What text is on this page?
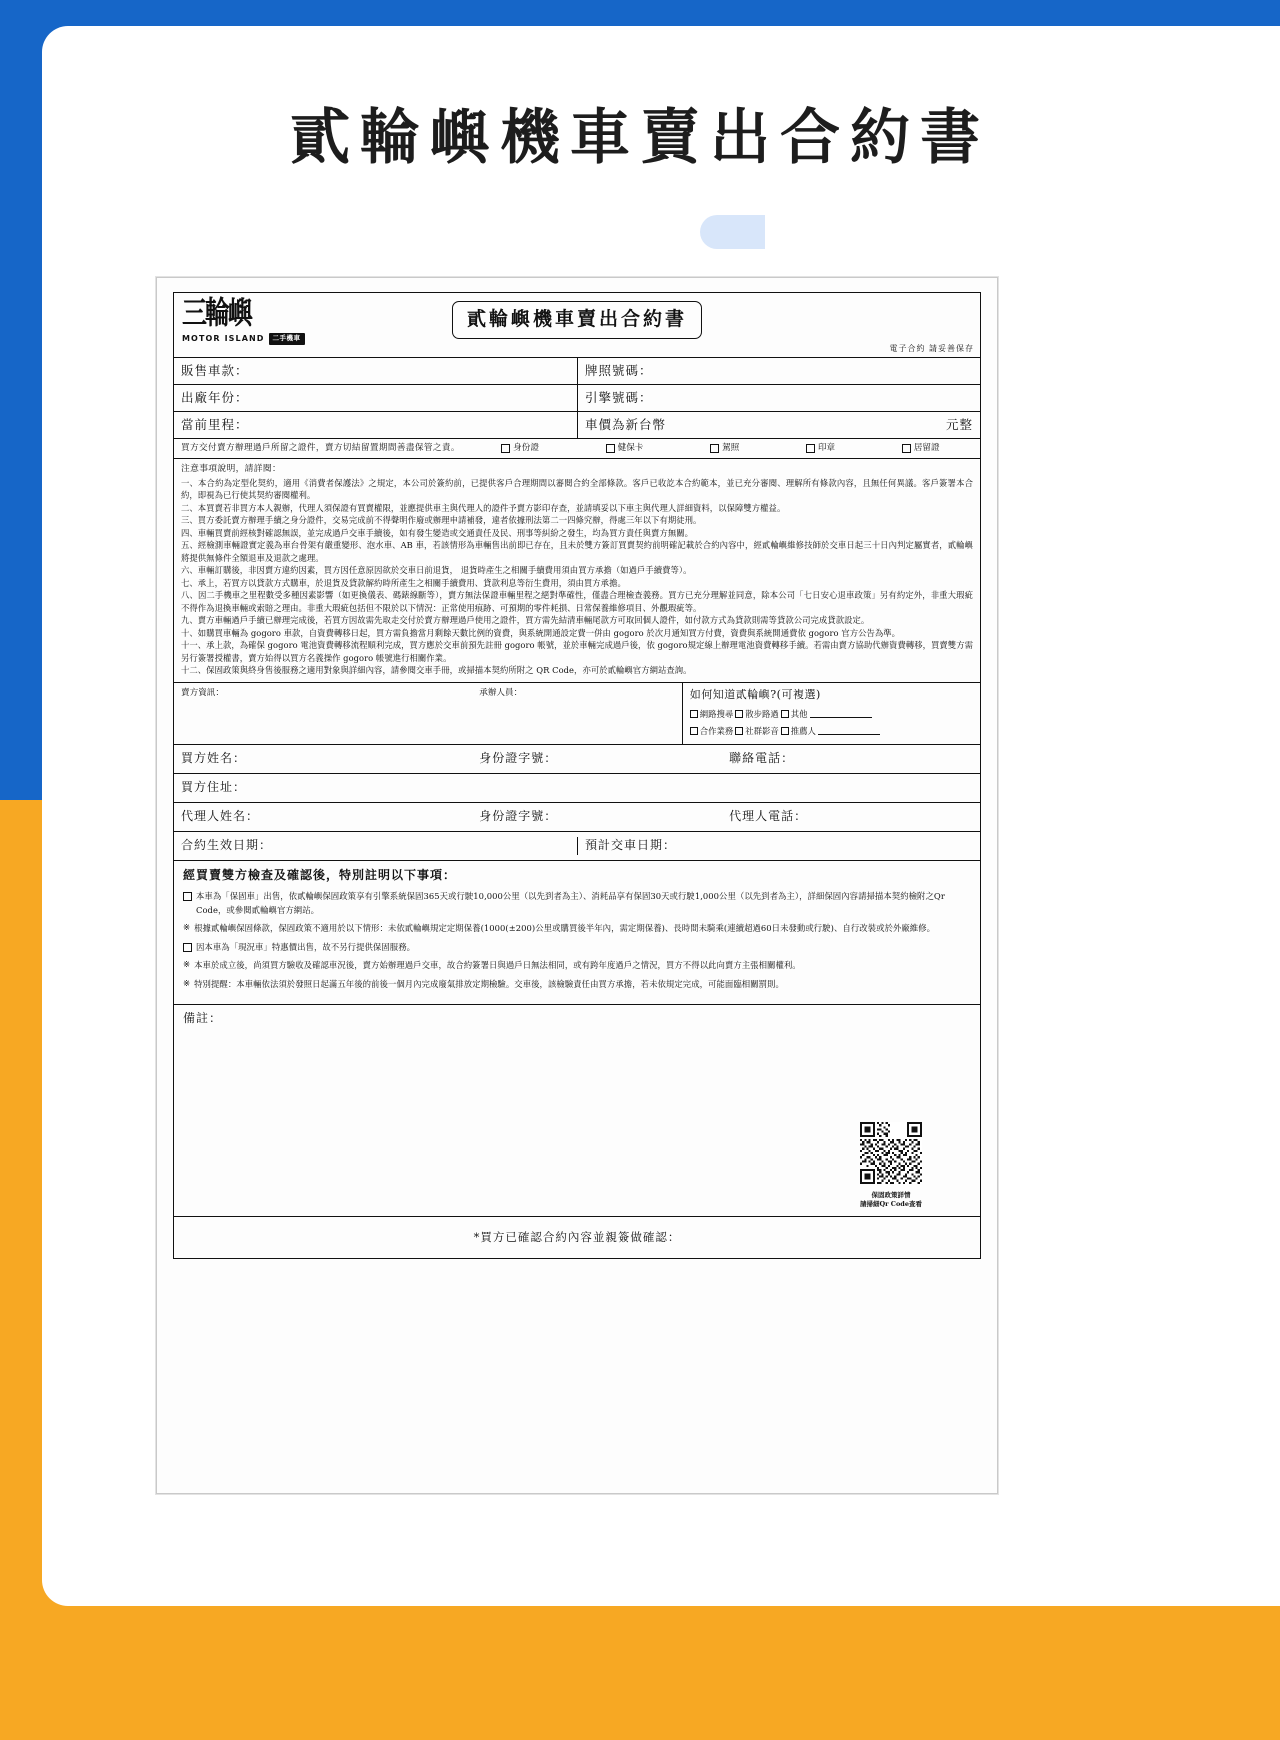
貳輪嶼機車賣出合約書
三輪嶼
MOTOR ISLAND	二手機車
貳輪嶼機車賣出合約書
電子合約 請妥善保存
販售車款：	牌照號碼：
出廠年份：	引擎號碼：
當前里程：	車價為新台幣	元整
買方交付賣方辦理過戶所留之證件，賣方切結留置期間善盡保管之責。	身份證	健保卡	駕照	印章	居留證
注意事項說明，請詳閱：

一、本合約為定型化契約，適用《消費者保護法》之規定，本公司於簽約前，已提供客戶合理期間以審閱合約全部條款。客戶已收訖本合約範本，並已充分審閱、理解所有條款內容，且無任何異議。客戶簽署本合約，即視為已行使其契約審閱權利。

二、本買賣若非買方本人親辦，代理人須保證有買賣權限，並應提供車主與代理人的證件予賣方影印存查，並請填妥以下車主與代理人詳細資料，以保障雙方權益。

三、買方委託賣方辦理手續之身分證件，交易完成前不得聲明作廢或辦理申請補發，違者依據刑法第二一四條究辦，得處三年以下有期徒刑。

四、車輛買賣前經核對確認無誤，並完成過戶交車手續後，如有發生變造或交通責任及民、刑事等糾紛之發生，均為買方責任與賣方無關。

五、經檢測車輛證實定義為車台骨架有嚴重變形、泡水車、AB 車，若該情形為車輛售出前即已存在，且未於雙方簽訂買賣契約前明確記載於合約內容中，經貳輪嶼維修技師於交車日起三十日內判定屬實者，貳輪嶼將提供無條件全額退車及退款之處理。

六、車輛訂購後，非因賣方違約因素，買方因任意原因欲於交車日前退貨， 退貨時產生之相關手續費用須由買方承擔（如過戶手續費等）。

七、承上，若買方以貸款方式購車，於退貨及貸款解約時所產生之相關手續費用、貸款利息等衍生費用，須由買方承擔。

八、因二手機車之里程數受多種因素影響（如更換儀表、碼錶線斷等），賣方無法保證車輛里程之絕對準確性，僅盡合理檢查義務。買方已充分理解並同意，除本公司「七日安心退車政策」另有約定外，非重大瑕疵不得作為退換車輛或索賠之理由。非重大瑕疵包括但不限於以下情況：正常使用痕跡、可預期的零件耗損、日常保養維修項目、外觀瑕疵等。

九、賣方車輛過戶手續已辦理完成後，若買方因故需先取走交付於賣方辦理過戶使用之證件，買方需先結清車輛尾款方可取回個人證件，如付款方式為貸款則需等貸款公司完成貸款設定。

十、如購買車輛為 gogoro 車款，自資費轉移日起，買方需負擔當月剩餘天數比例的資費，與系統開通設定費一併由 gogoro 於次月通知買方付費，資費與系統開通費依 gogoro 官方公告為準。

十一、承上款，為確保 gogoro 電池資費轉移流程順利完成，買方應於交車前預先註冊 gogoro 帳號，並於車輛完成過戶後，依 gogoro規定線上辦理電池資費轉移手續。若需由賣方協助代辦資費轉移，買賣雙方需另行簽署授權書，賣方始得以買方名義操作 gogoro 帳號進行相關作業。

十二、保固政策與終身售後服務之適用對象與詳細內容，請參閱交車手冊，或掃描本契約所附之 QR Code，亦可於貳輪嶼官方網站查詢。

賣方資訊：	承辦人員：	如何知道貳輪嶼?(可複選)
網路搜尋 散步路過 其他
合作業務 社群影音 推薦人
買方姓名：	身份證字號：	聯絡電話：
買方住址：
代理人姓名：	身份證字號：	代理人電話：
合約生效日期：	預計交車日期：
經買賣雙方檢查及確認後，特別註明以下事項：
本車為「保固車」出售，依貳輪嶼保固政策享有引擎系統保固365天或行駛10,000公里（以先到者為主）、消耗品享有保固30天或行駛1,000公里（以先到者為主），詳細保固內容請掃描本契約檢附之Qr Code，或參閱貳輪嶼官方網站。
※ 根據貳輪嶼保固條款，保固政策不適用於以下情形：未依貳輪嶼規定定期保養(1000(±200)公里或購買後半年內，需定期保養)、長時間未騎乘(連續超過60日未發動或行駛)、自行改裝或於外廠維修。
因本車為「現況車」特惠價出售，故不另行提供保固服務。
※ 本車於成立後，尚須買方驗收及確認車況後，賣方始辦理過戶交車，故合約簽署日與過戶日無法相同，或有跨年度過戶之情況，買方不得以此向賣方主張相關權利。
※ 特別提醒：本車輛依法須於發照日起滿五年後的前後一個月內完成廢氣排放定期檢驗。交車後，該檢驗責任由買方承擔，若未依規定完成，可能面臨相關罰則。
備註：
保固政策詳情
請掃細Qr Code查看
*買方已確認合約內容並親簽做確認：
